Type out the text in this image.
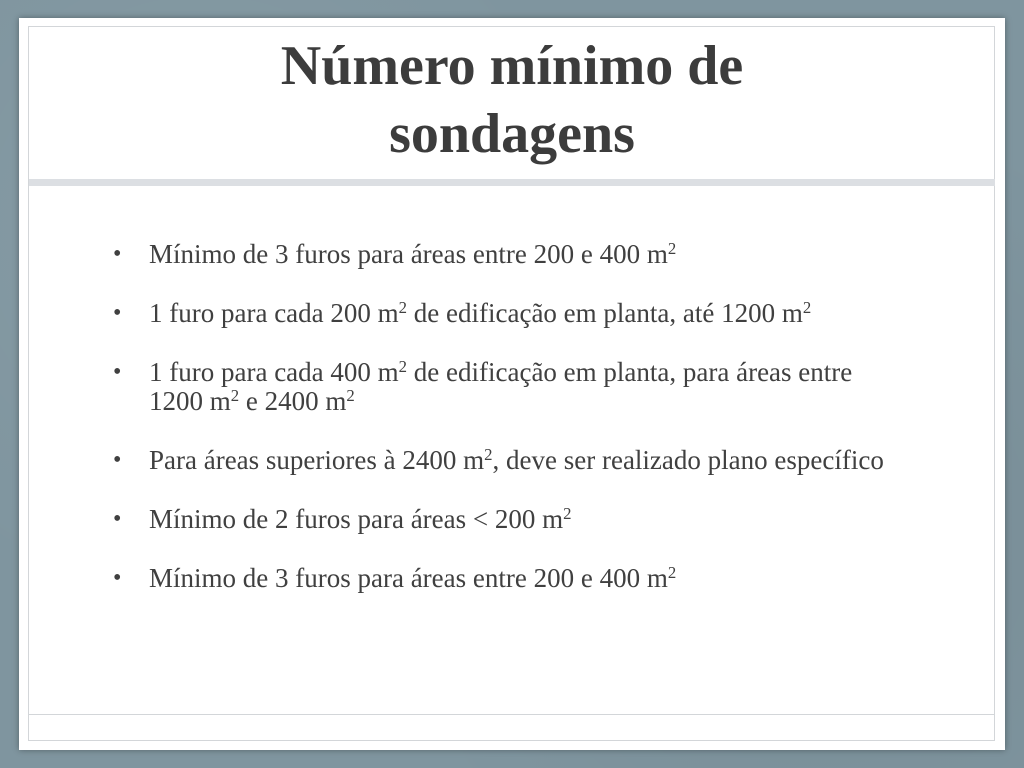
Número mínimo de
sondagens
•	Mínimo de 3 furos para áreas entre 200 e 400 $m^2$
•	1 furo para cada 200 $m^2$ de edificação em planta, até 1200 $m^2$
•	1 furo para cada 400 $m^2$ de edificação em planta, para áreas entre 1200 $m^2$ e 2400 $m^2$
•	Para áreas superiores à 2400 $m^2$, deve ser realizado plano específico
•	Mínimo de 2 furos para áreas < 200 $m^2$
•	Mínimo de 3 furos para áreas entre 200 e 400 $m^2$
